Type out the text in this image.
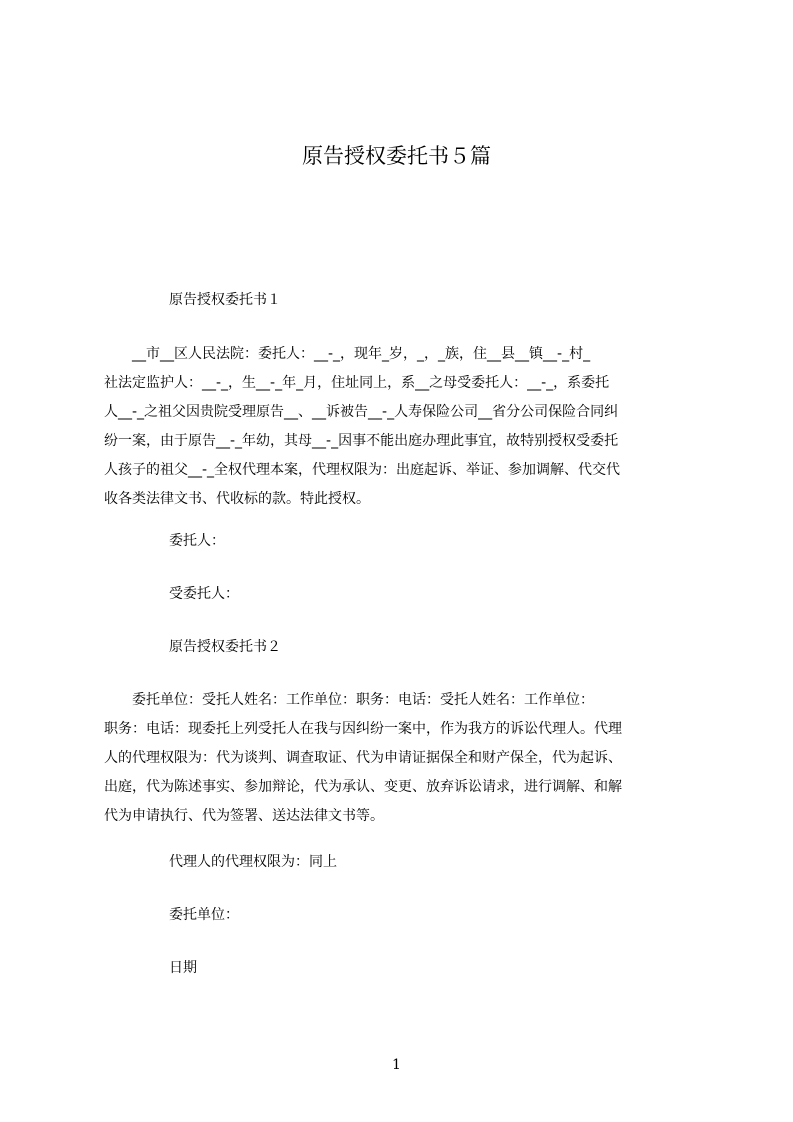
原告授权委托书５篇
原告授权委托书１
　　__市__区人民法院：委托人：__-_，现年_岁，_，_族，住__县__镇__-_村_
社法定监护人：__-_，生__-_年_月，住址同上，系__之母受委托人：__-_，系委托
人__-_之祖父因贵院受理原告__、__诉被告__-_人寿保险公司__省分公司保险合同纠
纷一案，由于原告__-_年幼，其母__-_因事不能出庭办理此事宜，故特别授权受委托
人孩子的祖父__-_全权代理本案，代理权限为：出庭起诉、举证、参加调解、代交代
收各类法律文书、代收标的款。特此授权。
委托人：
受委托人：
原告授权委托书２
　　委托单位：受托人姓名：工作单位：职务：电话：受托人姓名：工作单位：
职务：电话：现委托上列受托人在我与因纠纷一案中，作为我方的诉讼代理人。代理
人的代理权限为：代为谈判、调查取证、代为申请证据保全和财产保全，代为起诉、
出庭，代为陈述事实、参加辩论，代为承认、变更、放弃诉讼请求，进行调解、和解
代为申请执行、代为签署、送达法律文书等。
代理人的代理权限为：同上
委托单位：
日期
1
